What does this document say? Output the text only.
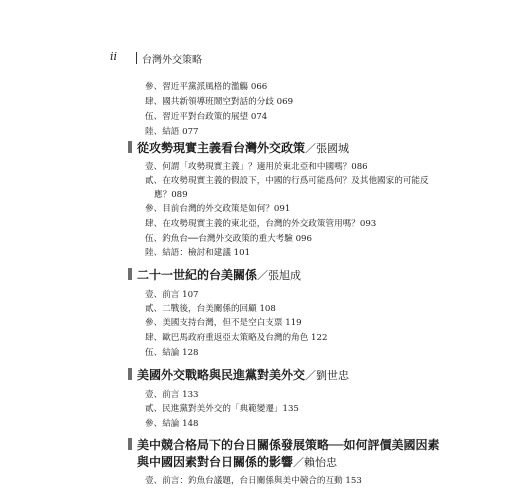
ii 台灣外交策略
參、習近平黨派風格的濫觴 066
肆、國共新領導班鬧空對話的分歧 069
伍、習近平對台政策的展望 074
陸、結語 077
從攻勢現實主義看台灣外交政策／張國城
壹、何謂「攻勢現實主義」？適用於東北亞和中國嗎？086
貳、在攻勢現實主義的假設下，中國的行爲可能爲何？及其他國家的可能反
應？089
參、目前台灣的外交政策是如何？091
肆、在攻勢現實主義的東北亞，台灣的外交政策管用嗎？093
伍、釣魚台──台灣外交政策的重大考驗 096
陸、結語：檢討和建議 101
二十一世紀的台美關係／張旭成
壹、前言 107
貳、二戰後，台美關係的回顧 108
參、美國支持台灣，但不是空白支票 119
肆、歐巴馬政府重返亞太策略及台灣的角色 122
伍、結論 128
美國外交戰略與民進黨對美外交／劉世忠
壹、前言 133
貳、民進黨對美外交的「典範變遷」135
參、結論 148
美中競合格局下的台日關係發展策略──如何評價美國因素
與中國因素對台日關係的影響／賴怡忠
壹、前言：釣魚台議題，台日關係與美中競合的互動 153
